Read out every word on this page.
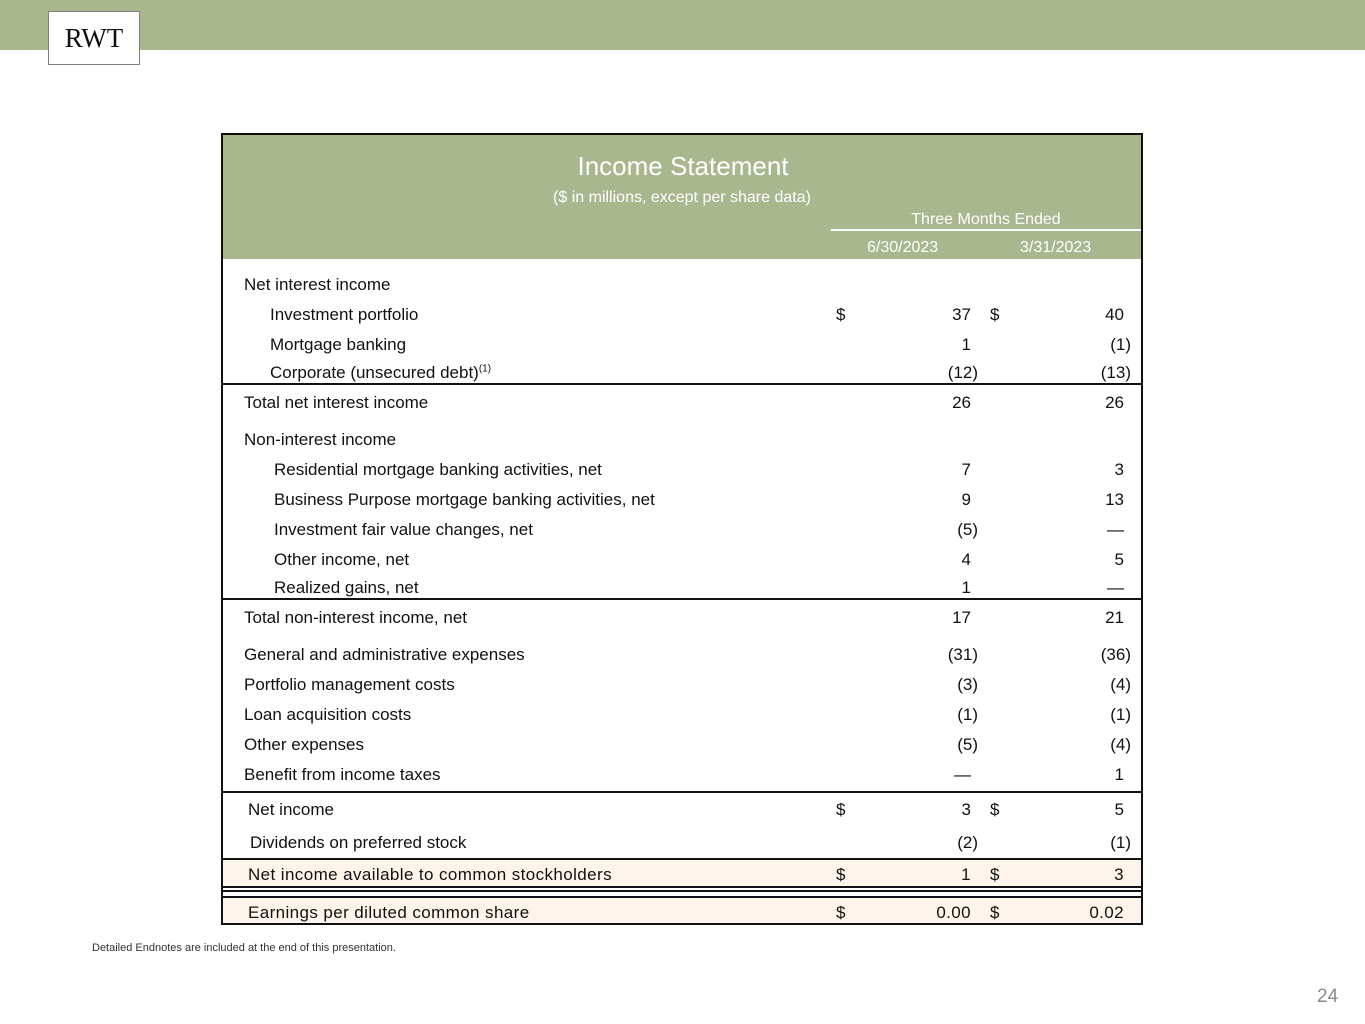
RWT
Income Statement
($ in millions, except per share data)
Three Months Ended
6/30/2023	3/31/2023
Net interest income
Investment portfolio	$	37 $	40
Mortgage banking	1	(1)
Corporate (unsecured debt)$^{(1)}$	(12)	(13)
Total net interest income	26	26
Non-interest income
Residential mortgage banking activities, net	7	3
Business Purpose mortgage banking activities, net	9	13
Investment fair value changes, net	(5)	—
Other income, net	4	5
Realized gains, net	1	—
Total non-interest income, net	17	21
General and administrative expenses	(31)	(36)
Portfolio management costs	(3)	(4)
Loan acquisition costs	(1)	(1)
Other expenses	(5)	(4)
Benefit from income taxes	—	1
Net income	$	3 $	5
Dividends on preferred stock	(2)	(1)
Net income available to common stockholders	$	1 $	3
Earnings per diluted common share	$	0.00 $	0.02
Detailed Endnotes are included at the end of this presentation.
24
